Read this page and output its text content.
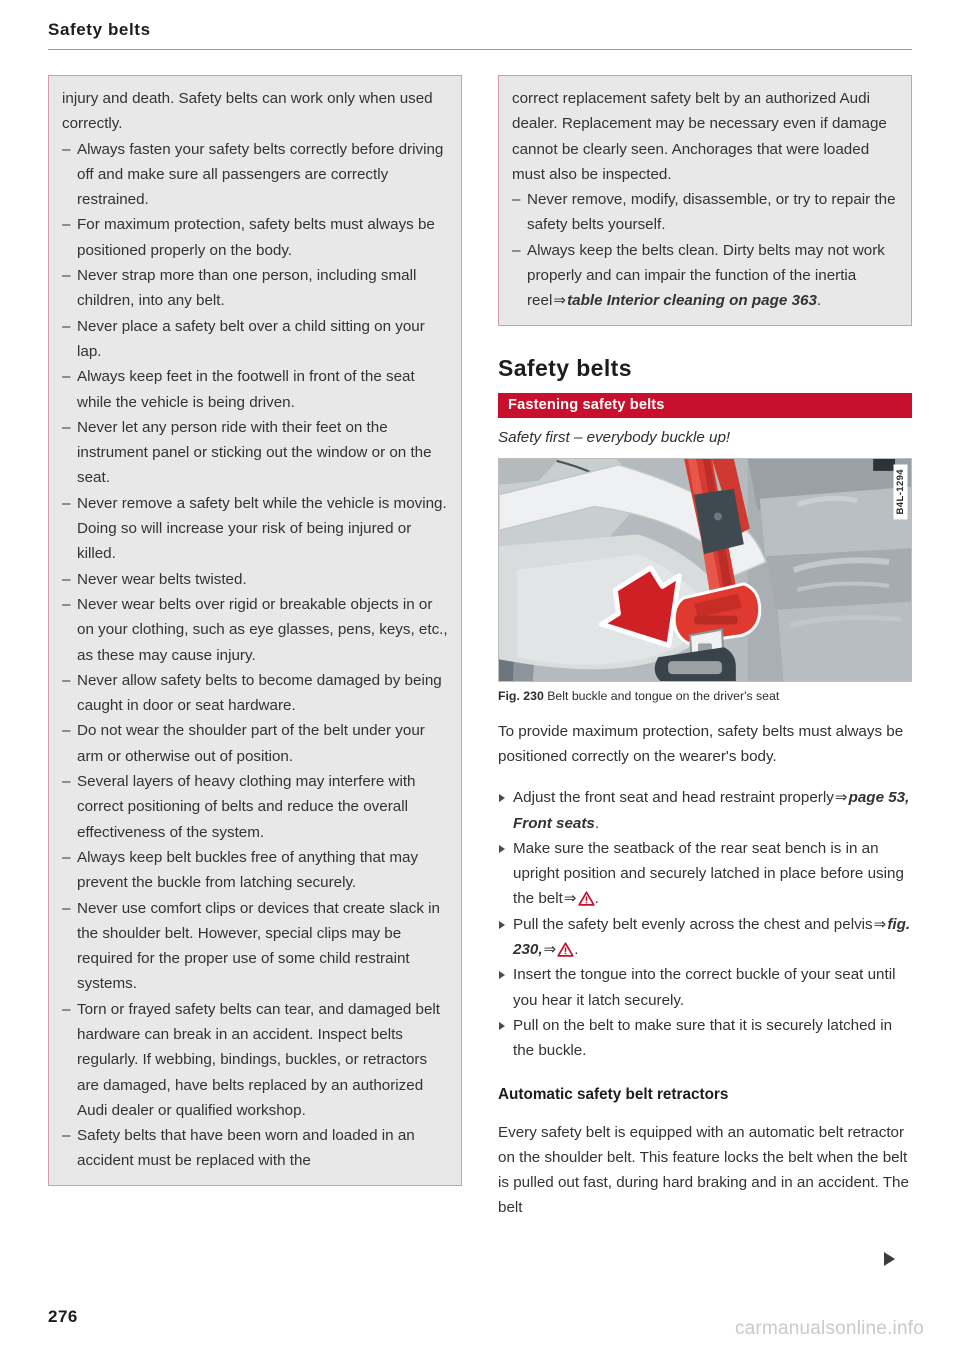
Safety belts

injury and death. Safety belts can work only when used correctly.

– Always fasten your safety belts correctly before driving off and make sure all passengers are correctly restrained.
– For maximum protection, safety belts must always be positioned properly on the body.
– Never strap more than one person, including small children, into any belt.
– Never place a safety belt over a child sitting on your lap.
– Always keep feet in the footwell in front of the seat while the vehicle is being driven.
– Never let any person ride with their feet on the instrument panel or sticking out the window or on the seat.
– Never remove a safety belt while the vehicle is moving. Doing so will increase your risk of being injured or killed.
– Never wear belts twisted.
– Never wear belts over rigid or breakable objects in or on your clothing, such as eye glasses, pens, keys, etc., as these may cause injury.
– Never allow safety belts to become damaged by being caught in door or seat hardware.
– Do not wear the shoulder part of the belt under your arm or otherwise out of position.
– Several layers of heavy clothing may interfere with correct positioning of belts and reduce the overall effectiveness of the system.
– Always keep belt buckles free of anything that may prevent the buckle from latching securely.
– Never use comfort clips or devices that create slack in the shoulder belt. However, special clips may be required for the proper use of some child restraint systems.
– Torn or frayed safety belts can tear, and damaged belt hardware can break in an accident. Inspect belts regularly. If webbing, bindings, buckles, or retractors are damaged, have belts replaced by an authorized Audi dealer or qualified workshop.
– Safety belts that have been worn and loaded in an accident must be replaced with the

correct replacement safety belt by an authorized Audi dealer. Replacement may be necessary even if damage cannot be clearly seen. Anchorages that were loaded must also be inspected.

– Never remove, modify, disassemble, or try to repair the safety belts yourself.
– Always keep the belts clean. Dirty belts may not work properly and can impair the function of the inertia reel⇒table Interior cleaning on page 363.
Safety belts
Fastening safety belts
Safety first – everybody buckle up!
B4L-1294
Fig. 230 Belt buckle and tongue on the driver's seat

To provide maximum protection, safety belts must always be positioned correctly on the wearer's body.

Adjust the front seat and head restraint properly⇒page 53, Front seats.
Make sure the seatback of the rear seat bench is in an upright position and securely latched in place before using the belt⇒ .
Pull the safety belt evenly across the chest and pelvis⇒fig. 230,⇒ .
Insert the tongue into the correct buckle of your seat until you hear it latch securely.
Pull on the belt to make sure that it is securely latched in the buckle.

Automatic safety belt retractors

Every safety belt is equipped with an automatic belt retractor on the shoulder belt. This feature locks the belt when the belt is pulled out fast, during hard braking and in an accident. The belt

276
carmanualsonline.info
